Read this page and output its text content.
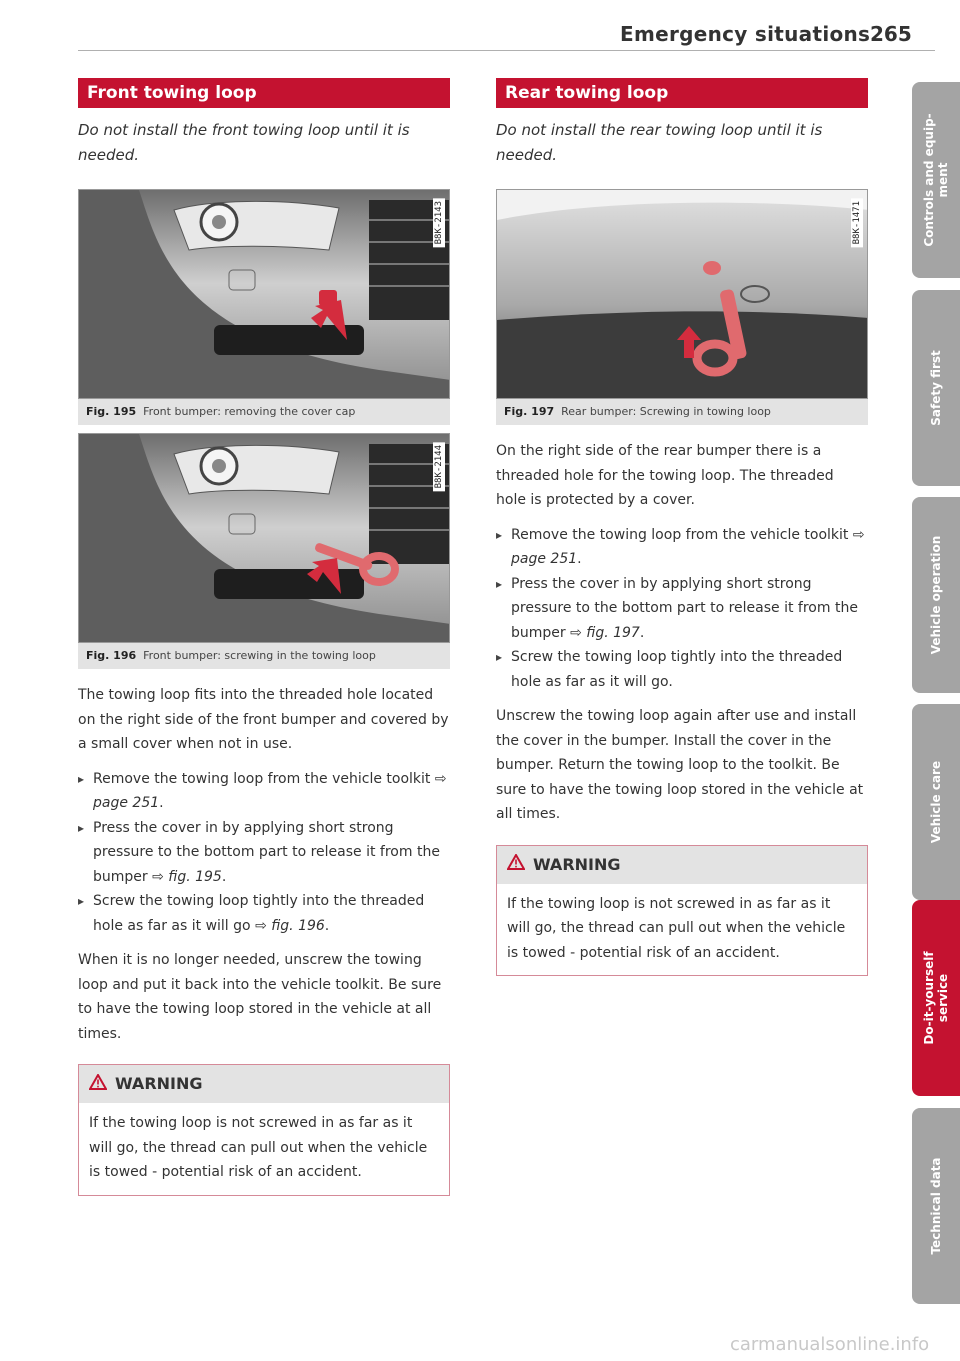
Emergency situations 265
Front towing loop

Do not install the front towing loop until it is needed.

B8K-2143
Fig. 195 Front bumper: removing the cover cap
B8K-2144
Fig. 196 Front bumper: screwing in the towing loop

The towing loop fits into the threaded hole located on the right side of the front bumper and covered by a small cover when not in use.

▸ Remove the towing loop from the vehicle toolkit ⇨ page 251.
▸ Press the cover in by applying short strong pressure to the bottom part to release it from the bumper ⇨ fig. 195.
▸ Screw the towing loop tightly into the threaded hole as far as it will go ⇨ fig. 196.

When it is no longer needed, unscrew the towing loop and put it back into the vehicle toolkit. Be sure to have the towing loop stored in the vehicle at all times.

WARNING
If the towing loop is not screwed in as far as it will go, the thread can pull out when the vehicle is towed - potential risk of an accident.
Rear towing loop

Do not install the rear towing loop until it is needed.

B8K-1471
Fig. 197 Rear bumper: Screwing in towing loop

On the right side of the rear bumper there is a threaded hole for the towing loop. The threaded hole is protected by a cover.

▸ Remove the towing loop from the vehicle toolkit ⇨ page 251.
▸ Press the cover in by applying short strong pressure to the bottom part to release it from the bumper ⇨ fig. 197.
▸ Screw the towing loop tightly into the threaded hole as far as it will go.

Unscrew the towing loop again after use and install the cover in the bumper. Install the cover in the bumper. Return the towing loop to the toolkit. Be sure to have the towing loop stored in the vehicle at all times.

WARNING
If the towing loop is not screwed in as far as it will go, the thread can pull out when the vehicle is towed - potential risk of an accident.
Controls and equip-
ment
Safety first
Vehicle operation
Vehicle care
Do-it-yourself
service
Technical data
carmanualsonline.info
